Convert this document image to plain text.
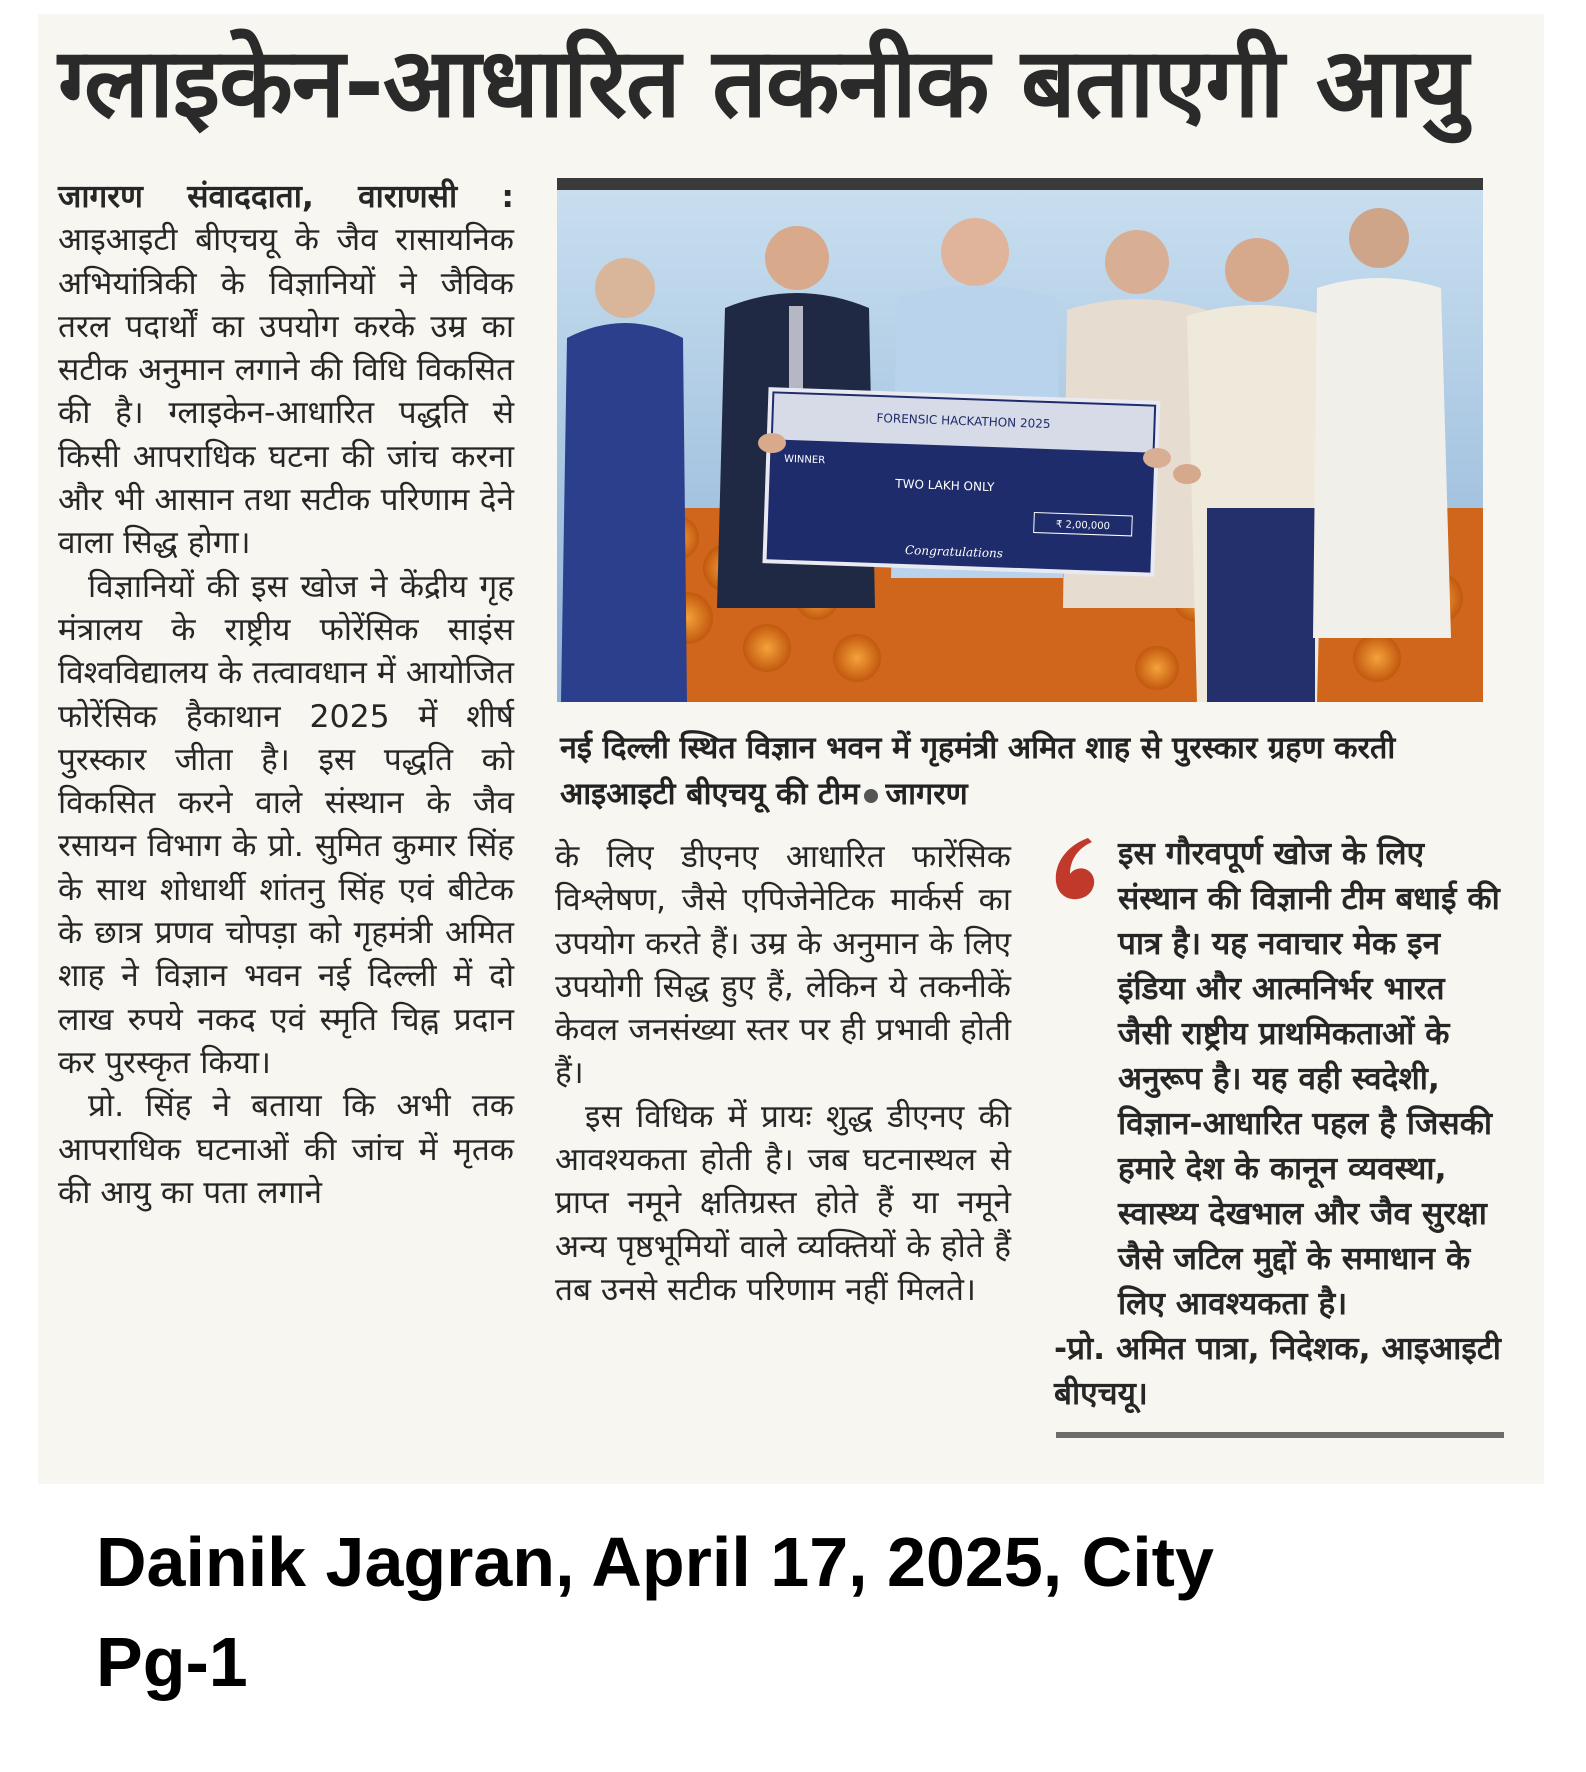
ग्लाइकेन-आधारित तकनीक बताएगी आयु

जागरण संवाददाता, वाराणसी : आइआइटी बीएचयू के जैव रासायनिक अभियांत्रिकी के विज्ञानियों ने जैविक तरल पदार्थों का उपयोग करके उम्र का सटीक अनुमान लगाने की विधि विकसित की है। ग्लाइकेन-आधारित पद्धति से किसी आपराधिक घटना की जांच करना और भी आसान तथा सटीक परिणाम देने वाला सिद्ध होगा।

विज्ञानियों की इस खोज ने केंद्रीय गृह मंत्रालय के राष्ट्रीय फोरेंसिक साइंस विश्वविद्यालय के तत्वावधान में आयोजित फोरेंसिक हैकाथान 2025 में शीर्ष पुरस्कार जीता है। इस पद्धति को विकसित करने वाले संस्थान के जैव रसायन विभाग के प्रो. सुमित कुमार सिंह के साथ शोधार्थी शांतनु सिंह एवं बीटेक के छात्र प्रणव चोपड़ा को गृहमंत्री अमित शाह ने विज्ञान भवन नई दिल्ली में दो लाख रुपये नकद एवं स्मृति चिह्न प्रदान कर पुरस्कृत किया।

प्रो. सिंह ने बताया कि अभी तक आपराधिक घटनाओं की जांच में मृतक की आयु का पता लगाने

FORENSIC HACKATHON 2025
WINNER
TWO LAKH ONLY
₹ 2,00,000
Congratulations
नई दिल्ली स्थित विज्ञान भवन में गृहमंत्री अमित शाह से पुरस्कार ग्रहण करती आइआइटी बीएचयू की टीम जागरण

के लिए डीएनए आधारित फारेंसिक विश्लेषण, जैसे एपिजेनेटिक मार्कर्स का उपयोग करते हैं। उम्र के अनुमान के लिए उपयोगी सिद्ध हुए हैं, लेकिन ये तकनीकें केवल जनसंख्या स्तर पर ही प्रभावी होती हैं।

इस विधिक में प्रायः शुद्ध डीएनए की आवश्यकता होती है। जब घटनास्थल से प्राप्त नमूने क्षतिग्रस्त होते हैं या नमूने अन्य पृष्ठभूमियों वाले व्यक्तियों के होते हैं तब उनसे सटीक परिणाम नहीं मिलते।

इस गौरवपूर्ण खोज के लिए संस्थान की विज्ञानी टीम बधाई की पात्र है। यह नवाचार मेक इन इंडिया और आत्मनिर्भर भारत जैसी राष्ट्रीय प्राथमिकताओं के अनुरूप है। यह वही स्वदेशी, विज्ञान-आधारित पहल है जिसकी हमारे देश के कानून व्यवस्था, स्वास्थ्य देखभाल और जैव सुरक्षा जैसे जटिल मुद्दों के समाधान के लिए आवश्यकता है।

-प्रो. अमित पात्रा, निदेशक, आइआइटी बीएचयू।

Dainik Jagran, April 17, 2025, City
Pg-1
